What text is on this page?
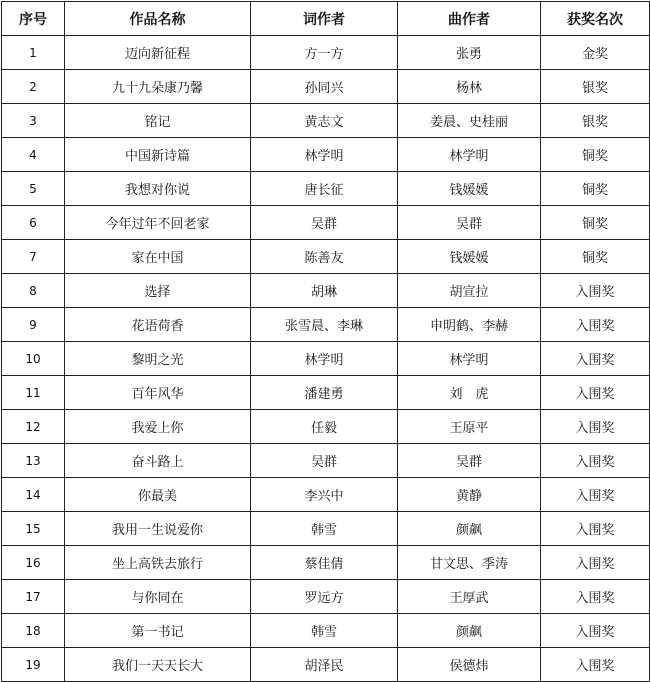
序号	作品名称	词作者	曲作者	获奖名次
1	迈向新征程	方一方	张勇	金奖
2	九十九朵康乃馨	孙同兴	杨林	银奖
3	铭记	黄志文	姜晨、史桂丽	银奖
4	中国新诗篇	林学明	林学明	铜奖
5	我想对你说	唐长征	钱媛媛	铜奖
6	今年过年不回老家	吴群	吴群	铜奖
7	家在中国	陈善友	钱媛媛	铜奖
8	选择	胡琳	胡宣拉	入围奖
9	花语荷香	张雪晨、李琳	申明鹤、李赫	入围奖
10	黎明之光	林学明	林学明	入围奖
11	百年风华	潘建勇	刘　虎	入围奖
12	我爱上你	任毅	王原平	入围奖
13	奋斗路上	吴群	吴群	入围奖
14	你最美	李兴中	黄静	入围奖
15	我用一生说爱你	韩雪	颜飙	入围奖
16	坐上高铁去旅行	蔡佳倩	甘文思、季涛	入围奖
17	与你同在	罗远方	王厚武	入围奖
18	第一书记	韩雪	颜飙	入围奖
19	我们一天天长大	胡泽民	侯德炜	入围奖
